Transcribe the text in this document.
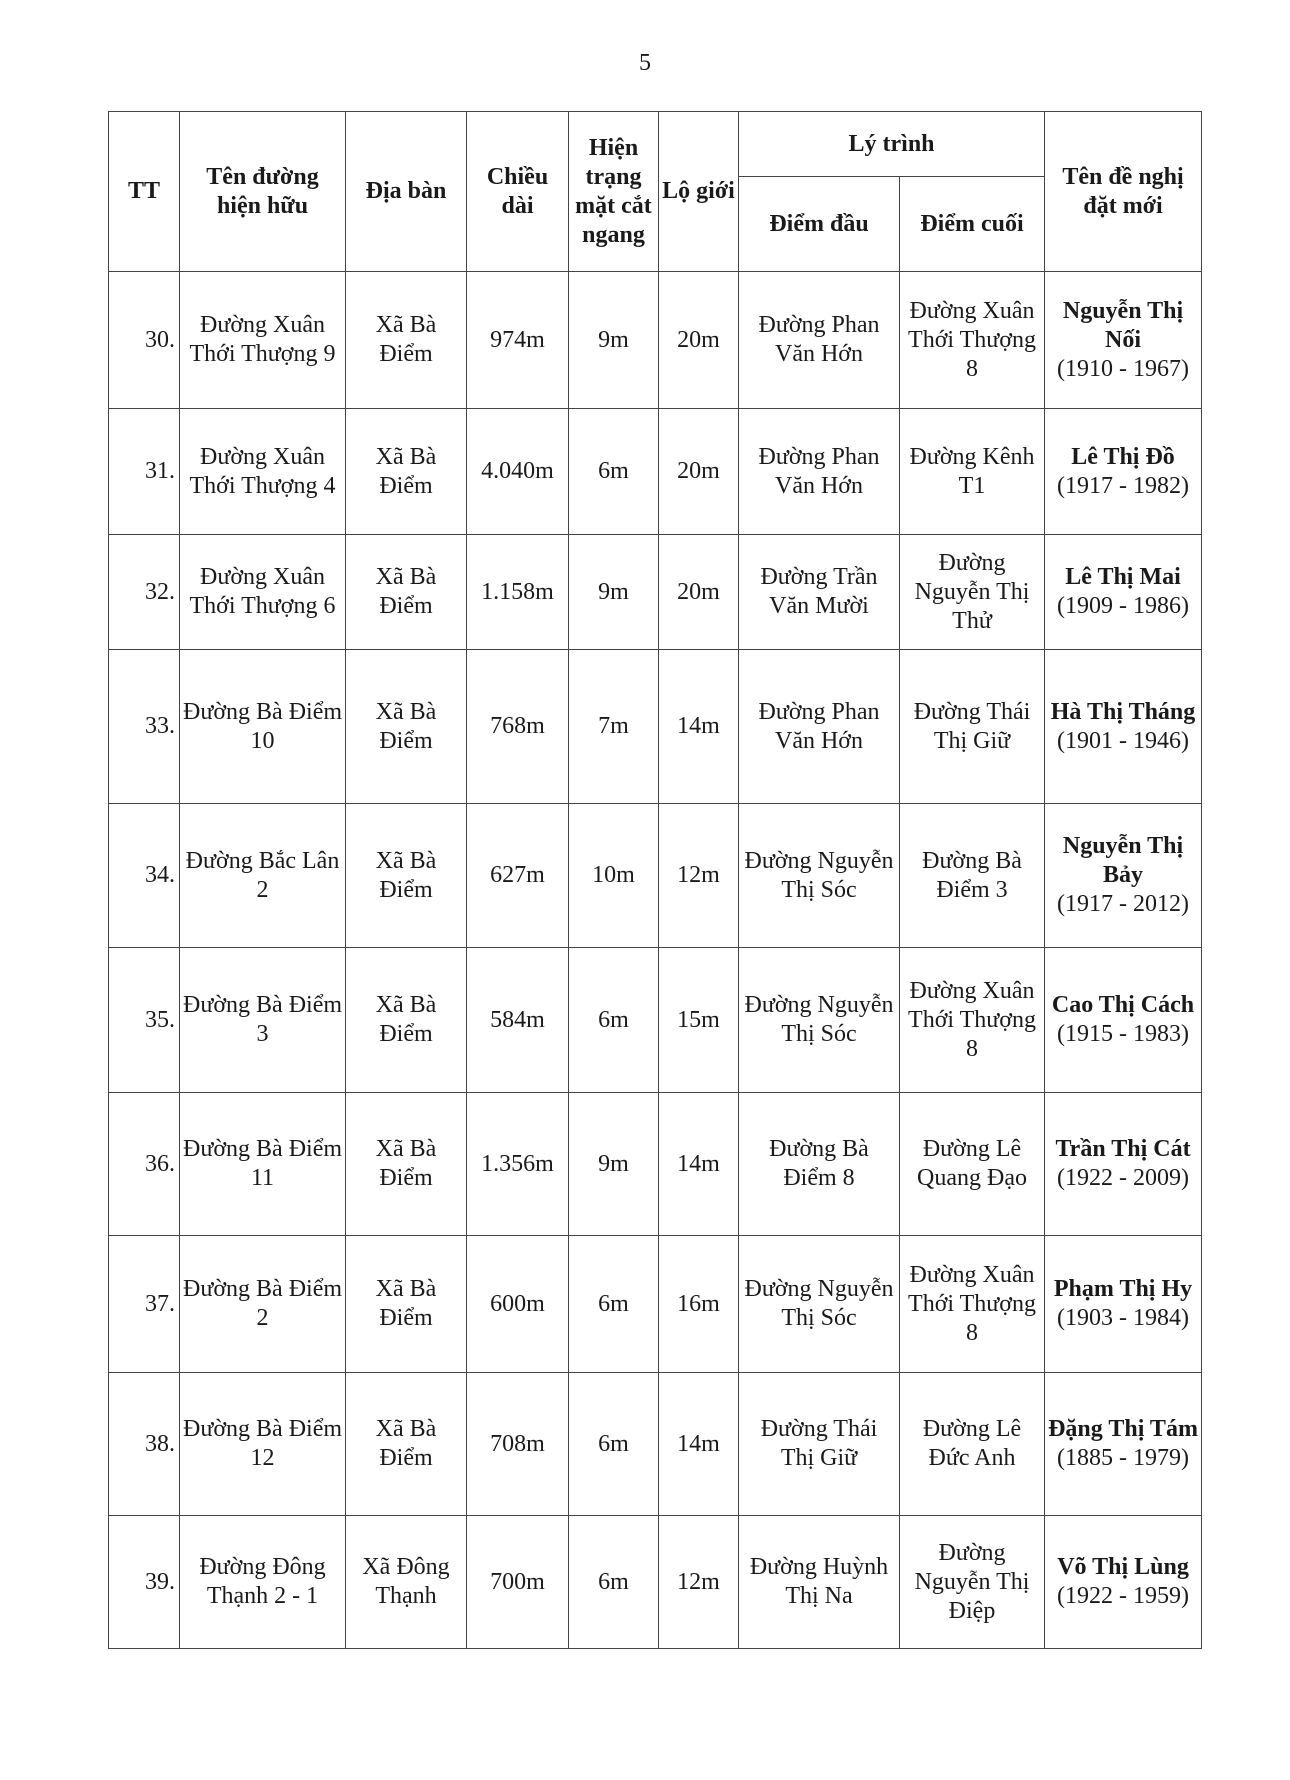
5
TT	Tên đường hiện hữu	Địa bàn	Chiều dài	Hiện trạng mặt cắt ngang	Lộ giới	Lý trình		Tên đề nghị đặt mới
						Điểm đầu	Điểm cuối	
30.	Đường Xuân Thới Thượng 9	Xã Bà Điểm	974m	9m	20m	Đường Phan Văn Hớn	Đường Xuân Thới Thượng 8	Nguyễn Thị Nối
(1910 - 1967)

31.	Đường Xuân Thới Thượng 4	Xã Bà Điểm	4.040m	6m	20m	Đường Phan Văn Hớn	Đường Kênh T1	Lê Thị Đồ
(1917 - 1982)

32.	Đường Xuân Thới Thượng 6	Xã Bà Điểm	1.158m	9m	20m	Đường Trần Văn Mười	Đường Nguyễn Thị Thử	Lê Thị Mai
(1909 - 1986)

33.	Đường Bà Điểm 10	Xã Bà Điểm	768m	7m	14m	Đường Phan Văn Hớn	Đường Thái Thị Giữ	Hà Thị Tháng
(1901 - 1946)

34.	Đường Bắc Lân 2	Xã Bà Điểm	627m	10m	12m	Đường Nguyễn Thị Sóc	Đường Bà Điểm 3	Nguyễn Thị Bảy
(1917 - 2012)

35.	Đường Bà Điểm 3	Xã Bà Điểm	584m	6m	15m	Đường Nguyễn Thị Sóc	Đường Xuân Thới Thượng 8	Cao Thị Cách
(1915 - 1983)

36.	Đường Bà Điểm 11	Xã Bà Điểm	1.356m	9m	14m	Đường Bà Điểm 8	Đường Lê Quang Đạo	Trần Thị Cát
(1922 - 2009)

37.	Đường Bà Điểm 2	Xã Bà Điểm	600m	6m	16m	Đường Nguyễn Thị Sóc	Đường Xuân Thới Thượng 8	Phạm Thị Hy
(1903 - 1984)

38.	Đường Bà Điểm 12	Xã Bà Điểm	708m	6m	14m	Đường Thái Thị Giữ	Đường Lê Đức Anh	Đặng Thị Tám
(1885 - 1979)

39.	Đường Đông Thạnh 2 - 1	Xã Đông Thạnh	700m	6m	12m	Đường Huỳnh Thị Na	Đường Nguyễn Thị Điệp	Võ Thị Lùng
(1922 - 1959)
